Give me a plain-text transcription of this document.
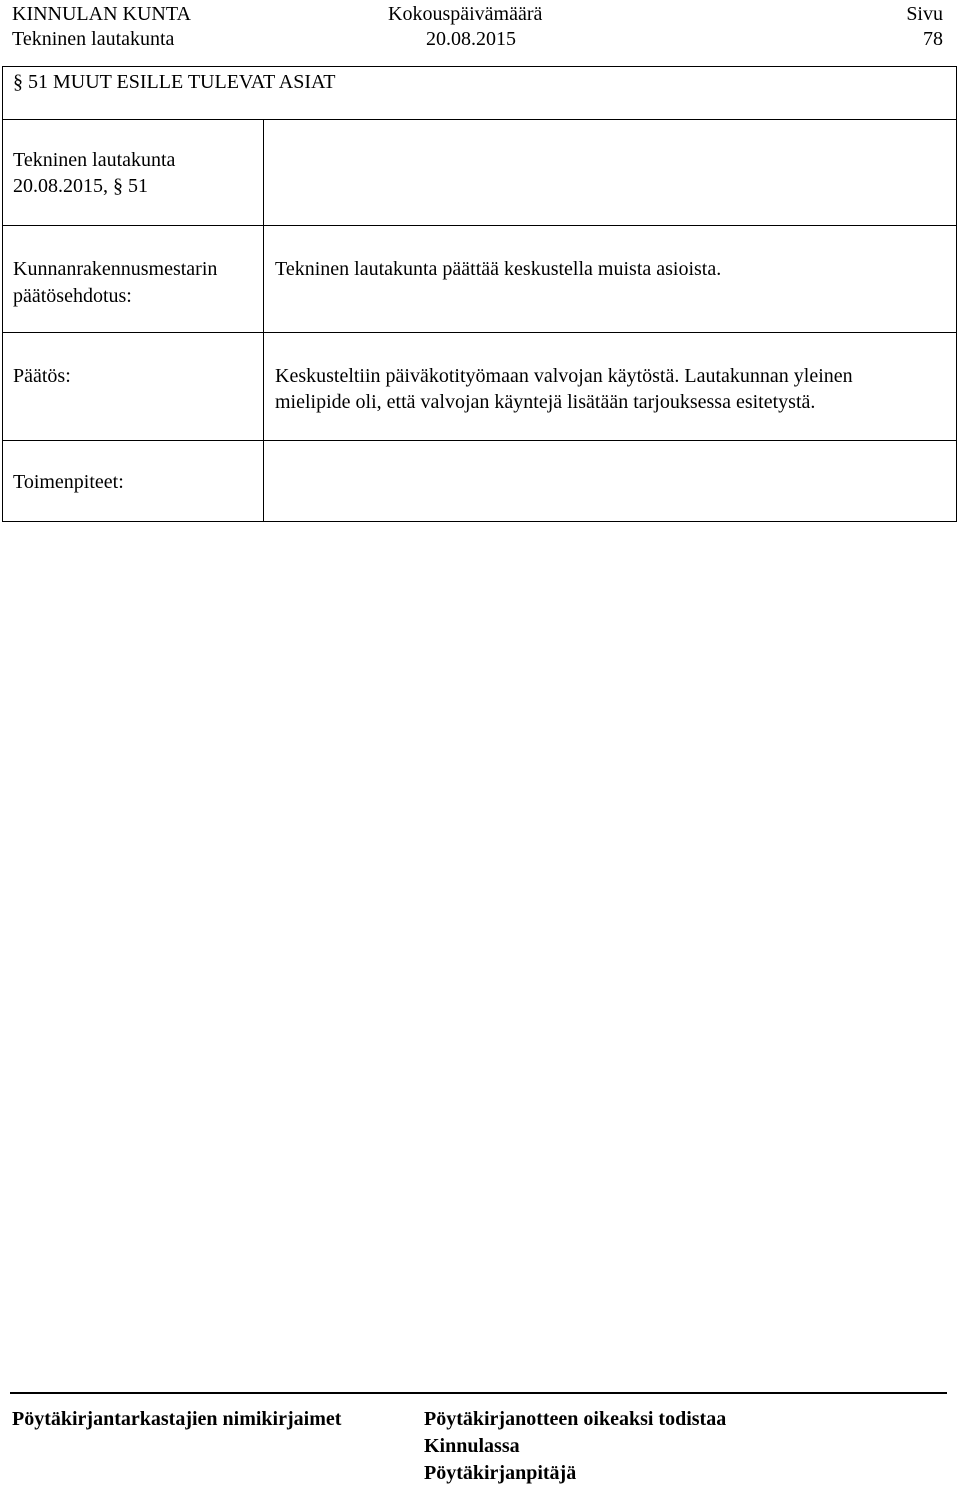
KINNULAN KUNTA
Tekninen lautakunta
Kokouspäivämäärä
20.08.2015
Sivu
78
§ 51 MUUT ESILLE TULEVAT ASIAT
Tekninen lautakunta
20.08.2015, § 51
Kunnanrakennusmestarin
päätösehdotus:
Tekninen lautakunta päättää keskustella muista asioista.
Päätös:	Keskusteltiin päiväkotityömaan valvojan käytöstä. Lautakunnan yleinen
mielipide oli, että valvojan käyntejä lisätään tarjouksessa esitetystä.
Toimenpiteet:
Pöytäkirjantarkastajien nimikirjaimet	Pöytäkirjanotteen oikeaksi todistaa
Kinnulassa
Pöytäkirjanpitäjä
